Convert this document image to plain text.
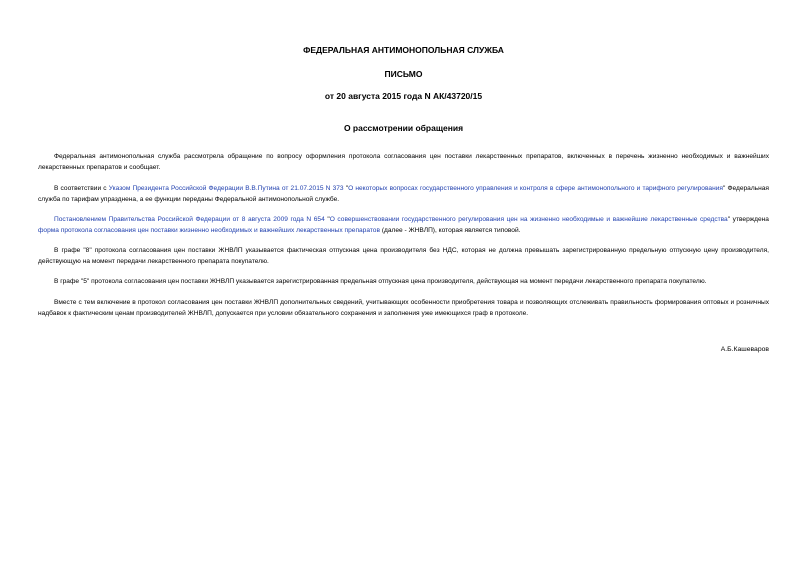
ФЕДЕРАЛЬНАЯ АНТИМОНОПОЛЬНАЯ СЛУЖБА
ПИСЬМО
от 20 августа 2015 года N АК/43720/15
О рассмотрении обращения
Федеральная антимонопольная служба рассмотрела обращение по вопросу оформления протокола согласования цен поставки лекарственных препаратов, включенных в перечень жизненно необходимых и важнейших лекарственных препаратов и сообщает.
В соответствии с Указом Президента Российской Федерации В.В.Путина от 21.07.2015 N 373 "О некоторых вопросах государственного управления и контроля в сфере антимонопольного и тарифного регулирования" Федеральная служба по тарифам упразднена, а ее функции переданы Федеральной антимонопольной службе.
Постановлением Правительства Российской Федерации от 8 августа 2009 года N 654 "О совершенствовании государственного регулирования цен на жизненно необходимые и важнейшие лекарственные средства" утверждена форма протокола согласования цен поставки жизненно необходимых и важнейших лекарственных препаратов (далее - ЖНВЛП), которая является типовой.
В графе "8" протокола согласования цен поставки ЖНВЛП указывается фактическая отпускная цена производителя без НДС, которая не должна превышать зарегистрированную предельную отпускную цену производителя, действующую на момент передачи лекарственного препарата покупателю.
В графе "5" протокола согласования цен поставки ЖНВЛП указывается зарегистрированная предельная отпускная цена производителя, действующая на момент передачи лекарственного препарата покупателю.
Вместе с тем включение в протокол согласования цен поставки ЖНВЛП дополнительных сведений, учитывающих особенности приобретения товара и позволяющих отслеживать правильность формирования оптовых и розничных надбавок к фактическим ценам производителей ЖНВЛП, допускается при условии обязательного сохранения и заполнения уже имеющихся граф в протоколе.
А.Б.Кашеваров
